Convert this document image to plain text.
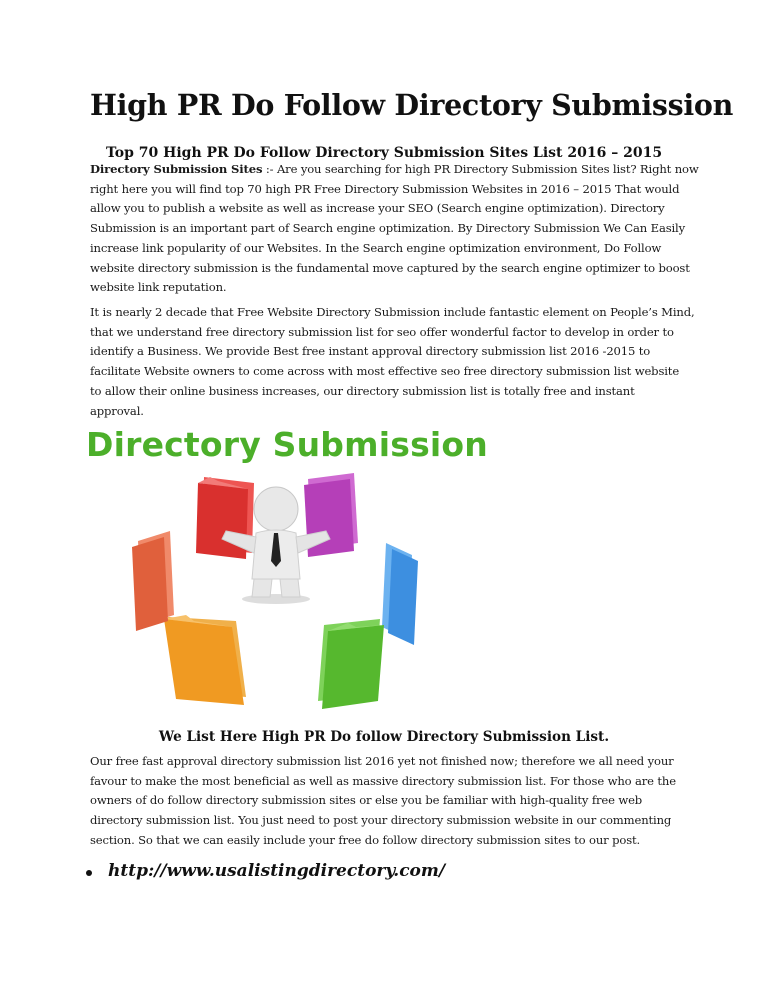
High PR Do Follow Directory Submission
Top 70 High PR Do Follow Directory Submission Sites List 2016 – 2015

Directory Submission Sites :- Are you searching for high PR Directory Submission Sites list? Right now
right here you will find top 70 high PR Free Directory Submission Websites in 2016 – 2015 That would
allow you to publish a website as well as increase your SEO (Search engine optimization). Directory
Submission is an important part of Search engine optimization. By Directory Submission We Can Easily
increase link popularity of our Websites. In the Search engine optimization environment, Do Follow
website directory submission is the fundamental move captured by the search engine optimizer to boost
website link reputation.

It is nearly 2 decade that Free Website Directory Submission include fantastic element on People’s Mind,
that we understand free directory submission list for seo offer wonderful factor to develop in order to
identify a Business. We provide Best free instant approval directory submission list 2016 -2015 to
facilitate Website owners to come across with most effective seo free directory submission list website
to allow their online business increases, our directory submission list is totally free and instant
approval.

Directory Submission
We List Here High PR Do follow Directory Submission List.

Our free fast approval directory submission list 2016 yet not finished now; therefore we all need your
favour to make the most beneficial as well as massive directory submission list. For those who are the
owners of do follow directory submission sites or else you be familiar with high-quality free web
directory submission list. You just need to post your directory submission website in our commenting
section. So that we can easily include your free do follow directory submission sites to our post.

http://www.usalistingdirectory.com/
